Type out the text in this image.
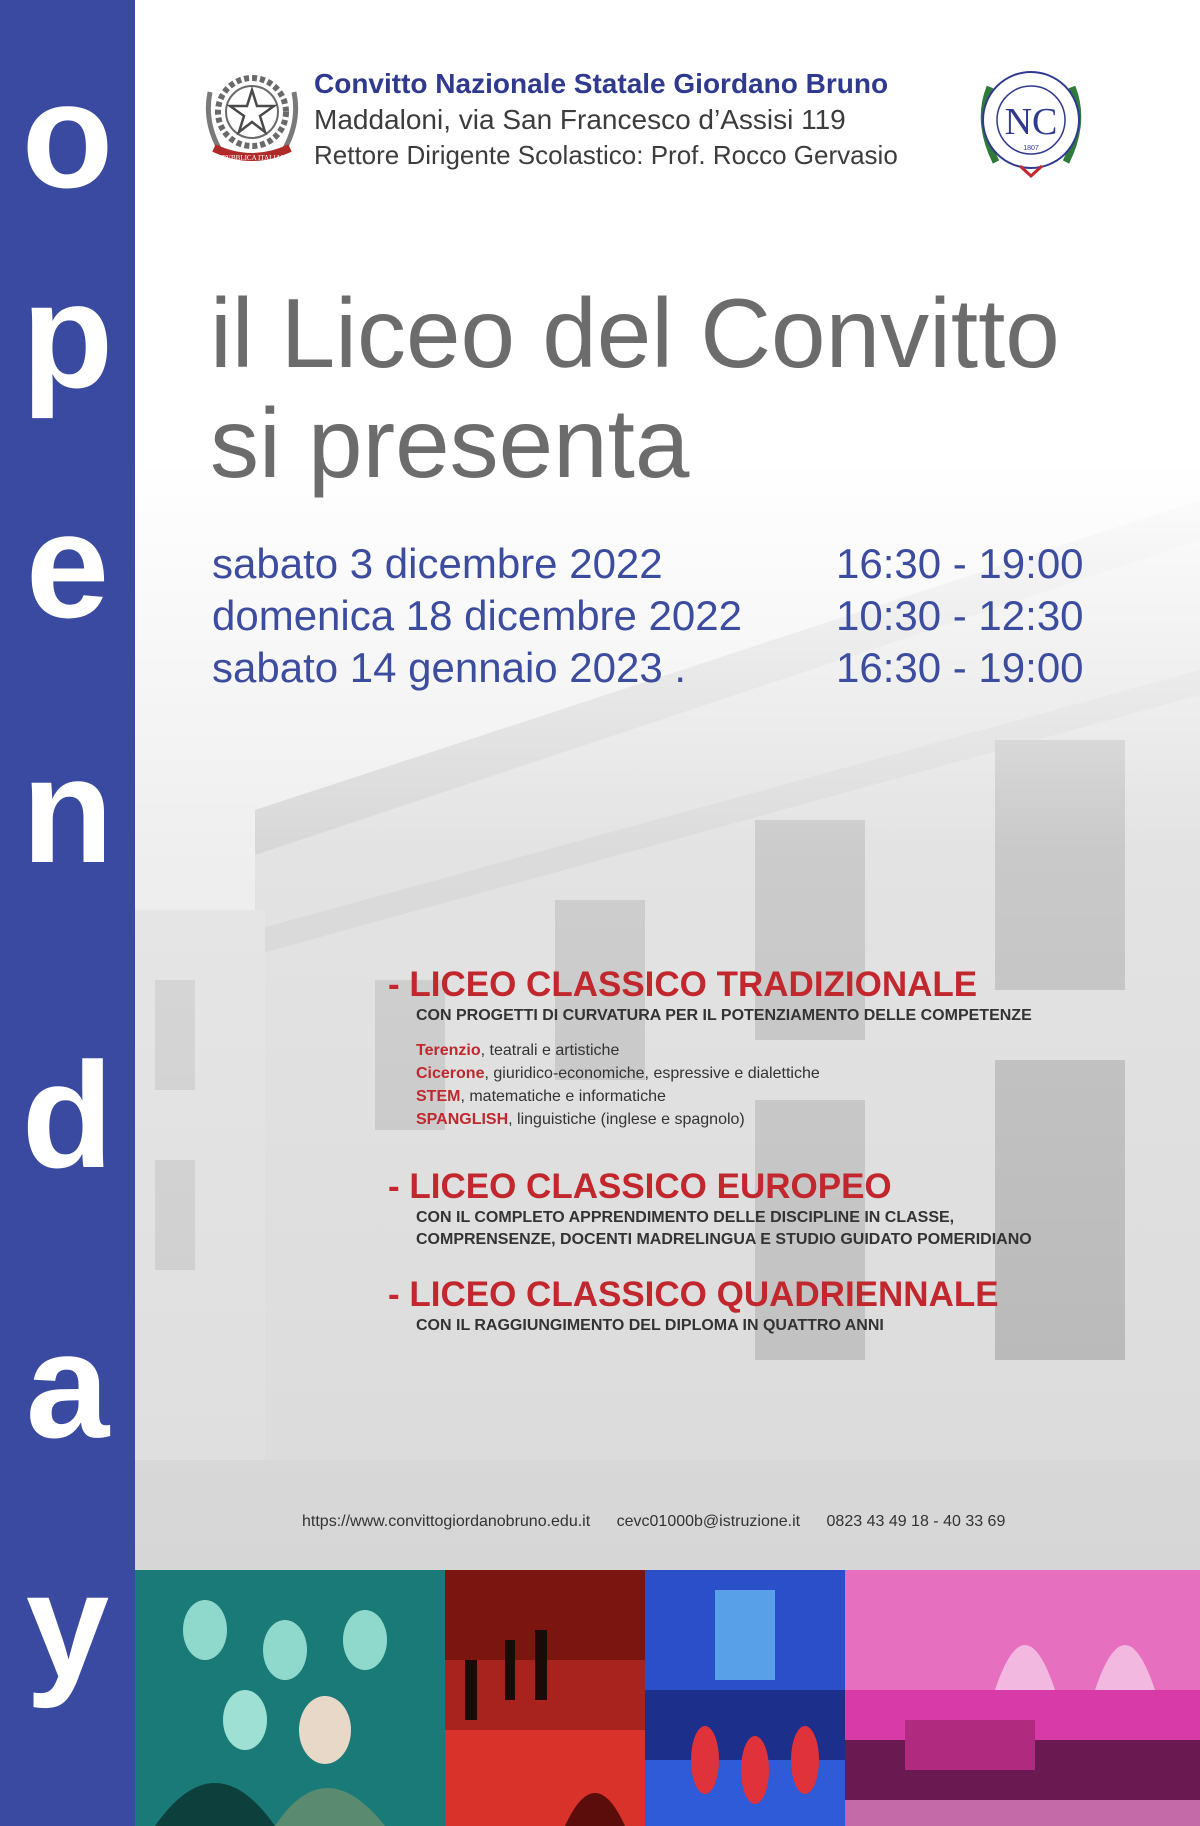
o
p
e
n
d
a
y
REPVBBLICA ITALIANA
Convitto Nazionale Statale Giordano Bruno
Maddaloni, via San Francesco d’Assisi 119
Rettore Dirigente Scolastico: Prof. Rocco Gervasio
NC
1807
il Liceo del Convitto
si presenta
sabato 3 dicembre 2022	16:30 - 19:00
domenica 18 dicembre 2022 10:30 - 12:30
sabato 14 gennaio 2023 .	16:30 - 19:00
- LICEO CLASSICO TRADIZIONALE
CON PROGETTI DI CURVATURA PER IL POTENZIAMENTO DELLE COMPETENZE
Terenzio, teatrali e artistiche
Cicerone, giuridico-economiche, espressive e dialettiche
STEM, matematiche e informatiche
SPANGLISH, linguistiche (inglese e spagnolo)
- LICEO CLASSICO EUROPEO
CON IL COMPLETO APPRENDIMENTO DELLE DISCIPLINE IN CLASSE,
COMPRENSENZE, DOCENTI MADRELINGUA E STUDIO GUIDATO POMERIDIANO
- LICEO CLASSICO QUADRIENNALE
CON IL RAGGIUNGIMENTO DEL DIPLOMA IN QUATTRO ANNI
https://www.convittogiordanobruno.edu.it cevc01000b@istruzione.it 0823 43 49 18 - 40 33 69
